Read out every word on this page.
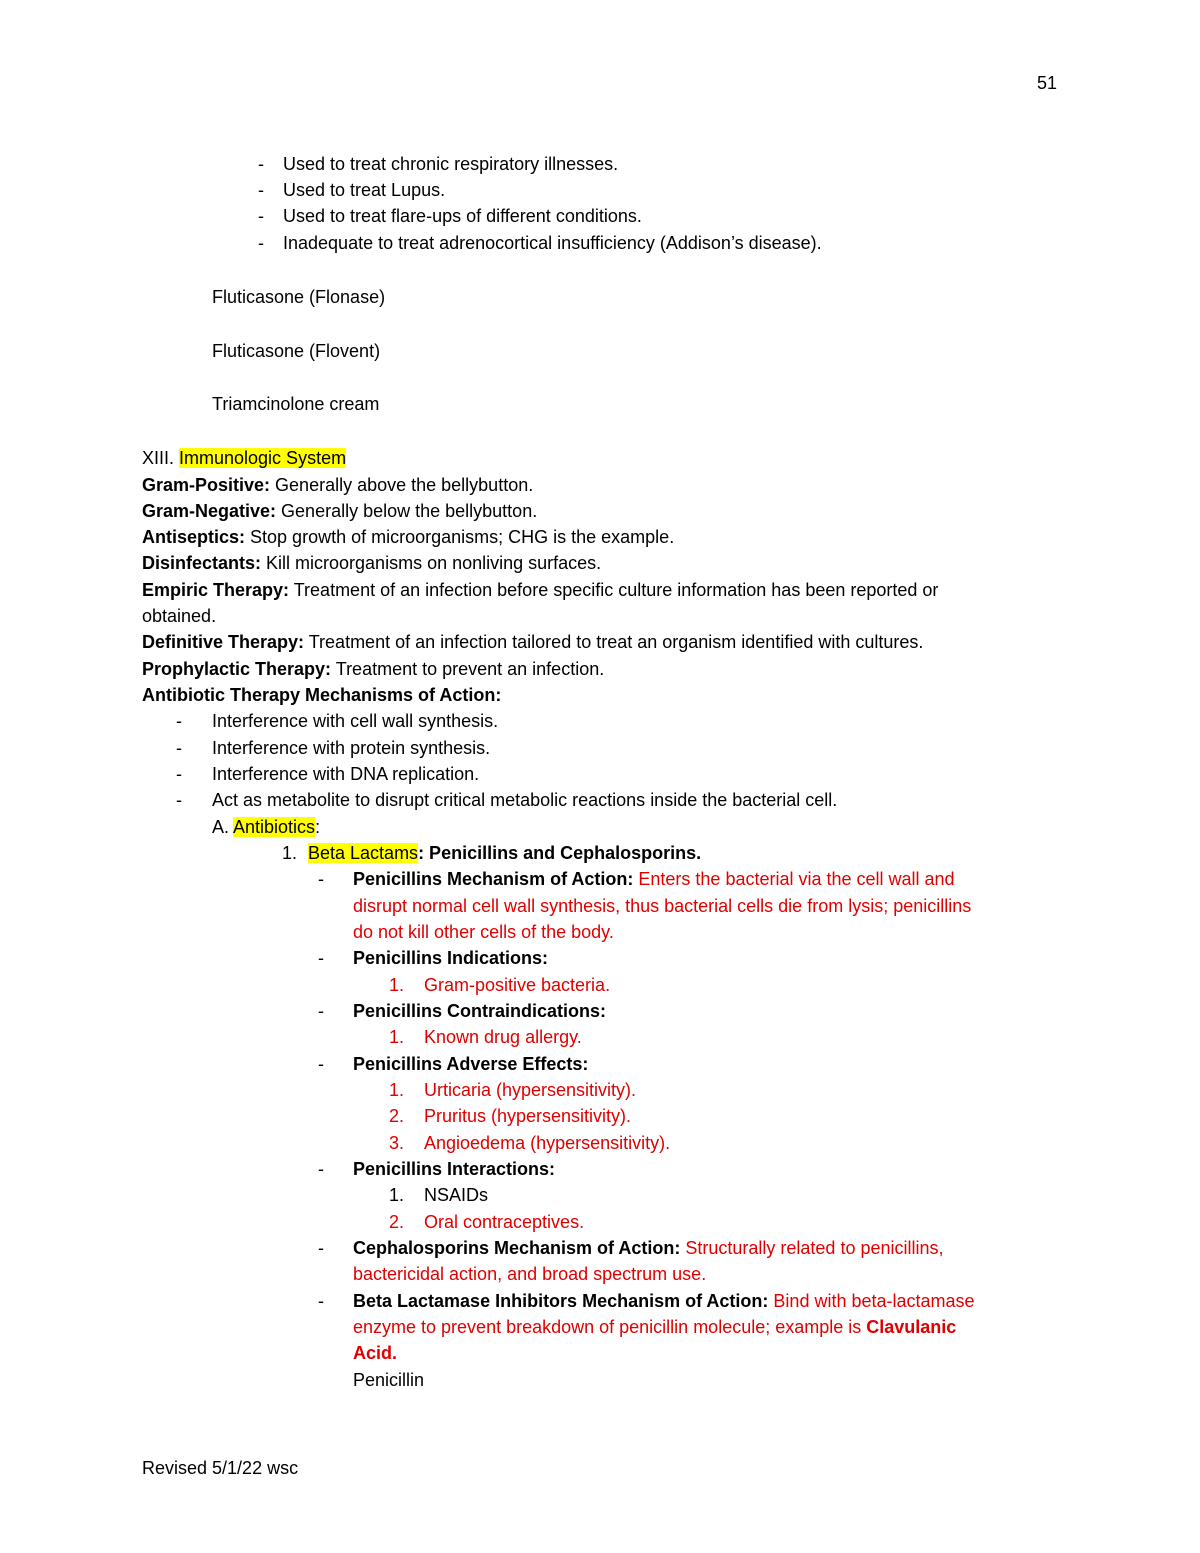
51
- Used to treat chronic respiratory illnesses.
- Used to treat Lupus.
- Used to treat flare-ups of different conditions.
- Inadequate to treat adrenocortical insufficiency (Addison’s disease).
Fluticasone (Flonase)
Fluticasone (Flovent)
Triamcinolone cream
XIII. Immunologic System
Gram-Positive: Generally above the bellybutton.
Gram-Negative: Generally below the bellybutton.
Antiseptics: Stop growth of microorganisms; CHG is the example.
Disinfectants: Kill microorganisms on nonliving surfaces.
Empiric Therapy: Treatment of an infection before specific culture information has been reported or
obtained.
Definitive Therapy: Treatment of an infection tailored to treat an organism identified with cultures.
Prophylactic Therapy: Treatment to prevent an infection.
Antibiotic Therapy Mechanisms of Action:
- Interference with cell wall synthesis.
- Interference with protein synthesis.
- Interference with DNA replication.
- Act as metabolite to disrupt critical metabolic reactions inside the bacterial cell.
A. Antibiotics:
1. Beta Lactams: Penicillins and Cephalosporins.
- Penicillins Mechanism of Action: Enters the bacterial via the cell wall and
disrupt normal cell wall synthesis, thus bacterial cells die from lysis; penicillins
do not kill other cells of the body.
- Penicillins Indications:
1. Gram-positive bacteria.
- Penicillins Contraindications:
1. Known drug allergy.
- Penicillins Adverse Effects:
1. Urticaria (hypersensitivity).
2. Pruritus (hypersensitivity).
3. Angioedema (hypersensitivity).
- Penicillins Interactions:
1. NSAIDs
2. Oral contraceptives.
- Cephalosporins Mechanism of Action: Structurally related to penicillins,
bactericidal action, and broad spectrum use.
- Beta Lactamase Inhibitors Mechanism of Action: Bind with beta-lactamase
enzyme to prevent breakdown of penicillin molecule; example is Clavulanic
Acid.
Penicillin
Revised 5/1/22 wsc
